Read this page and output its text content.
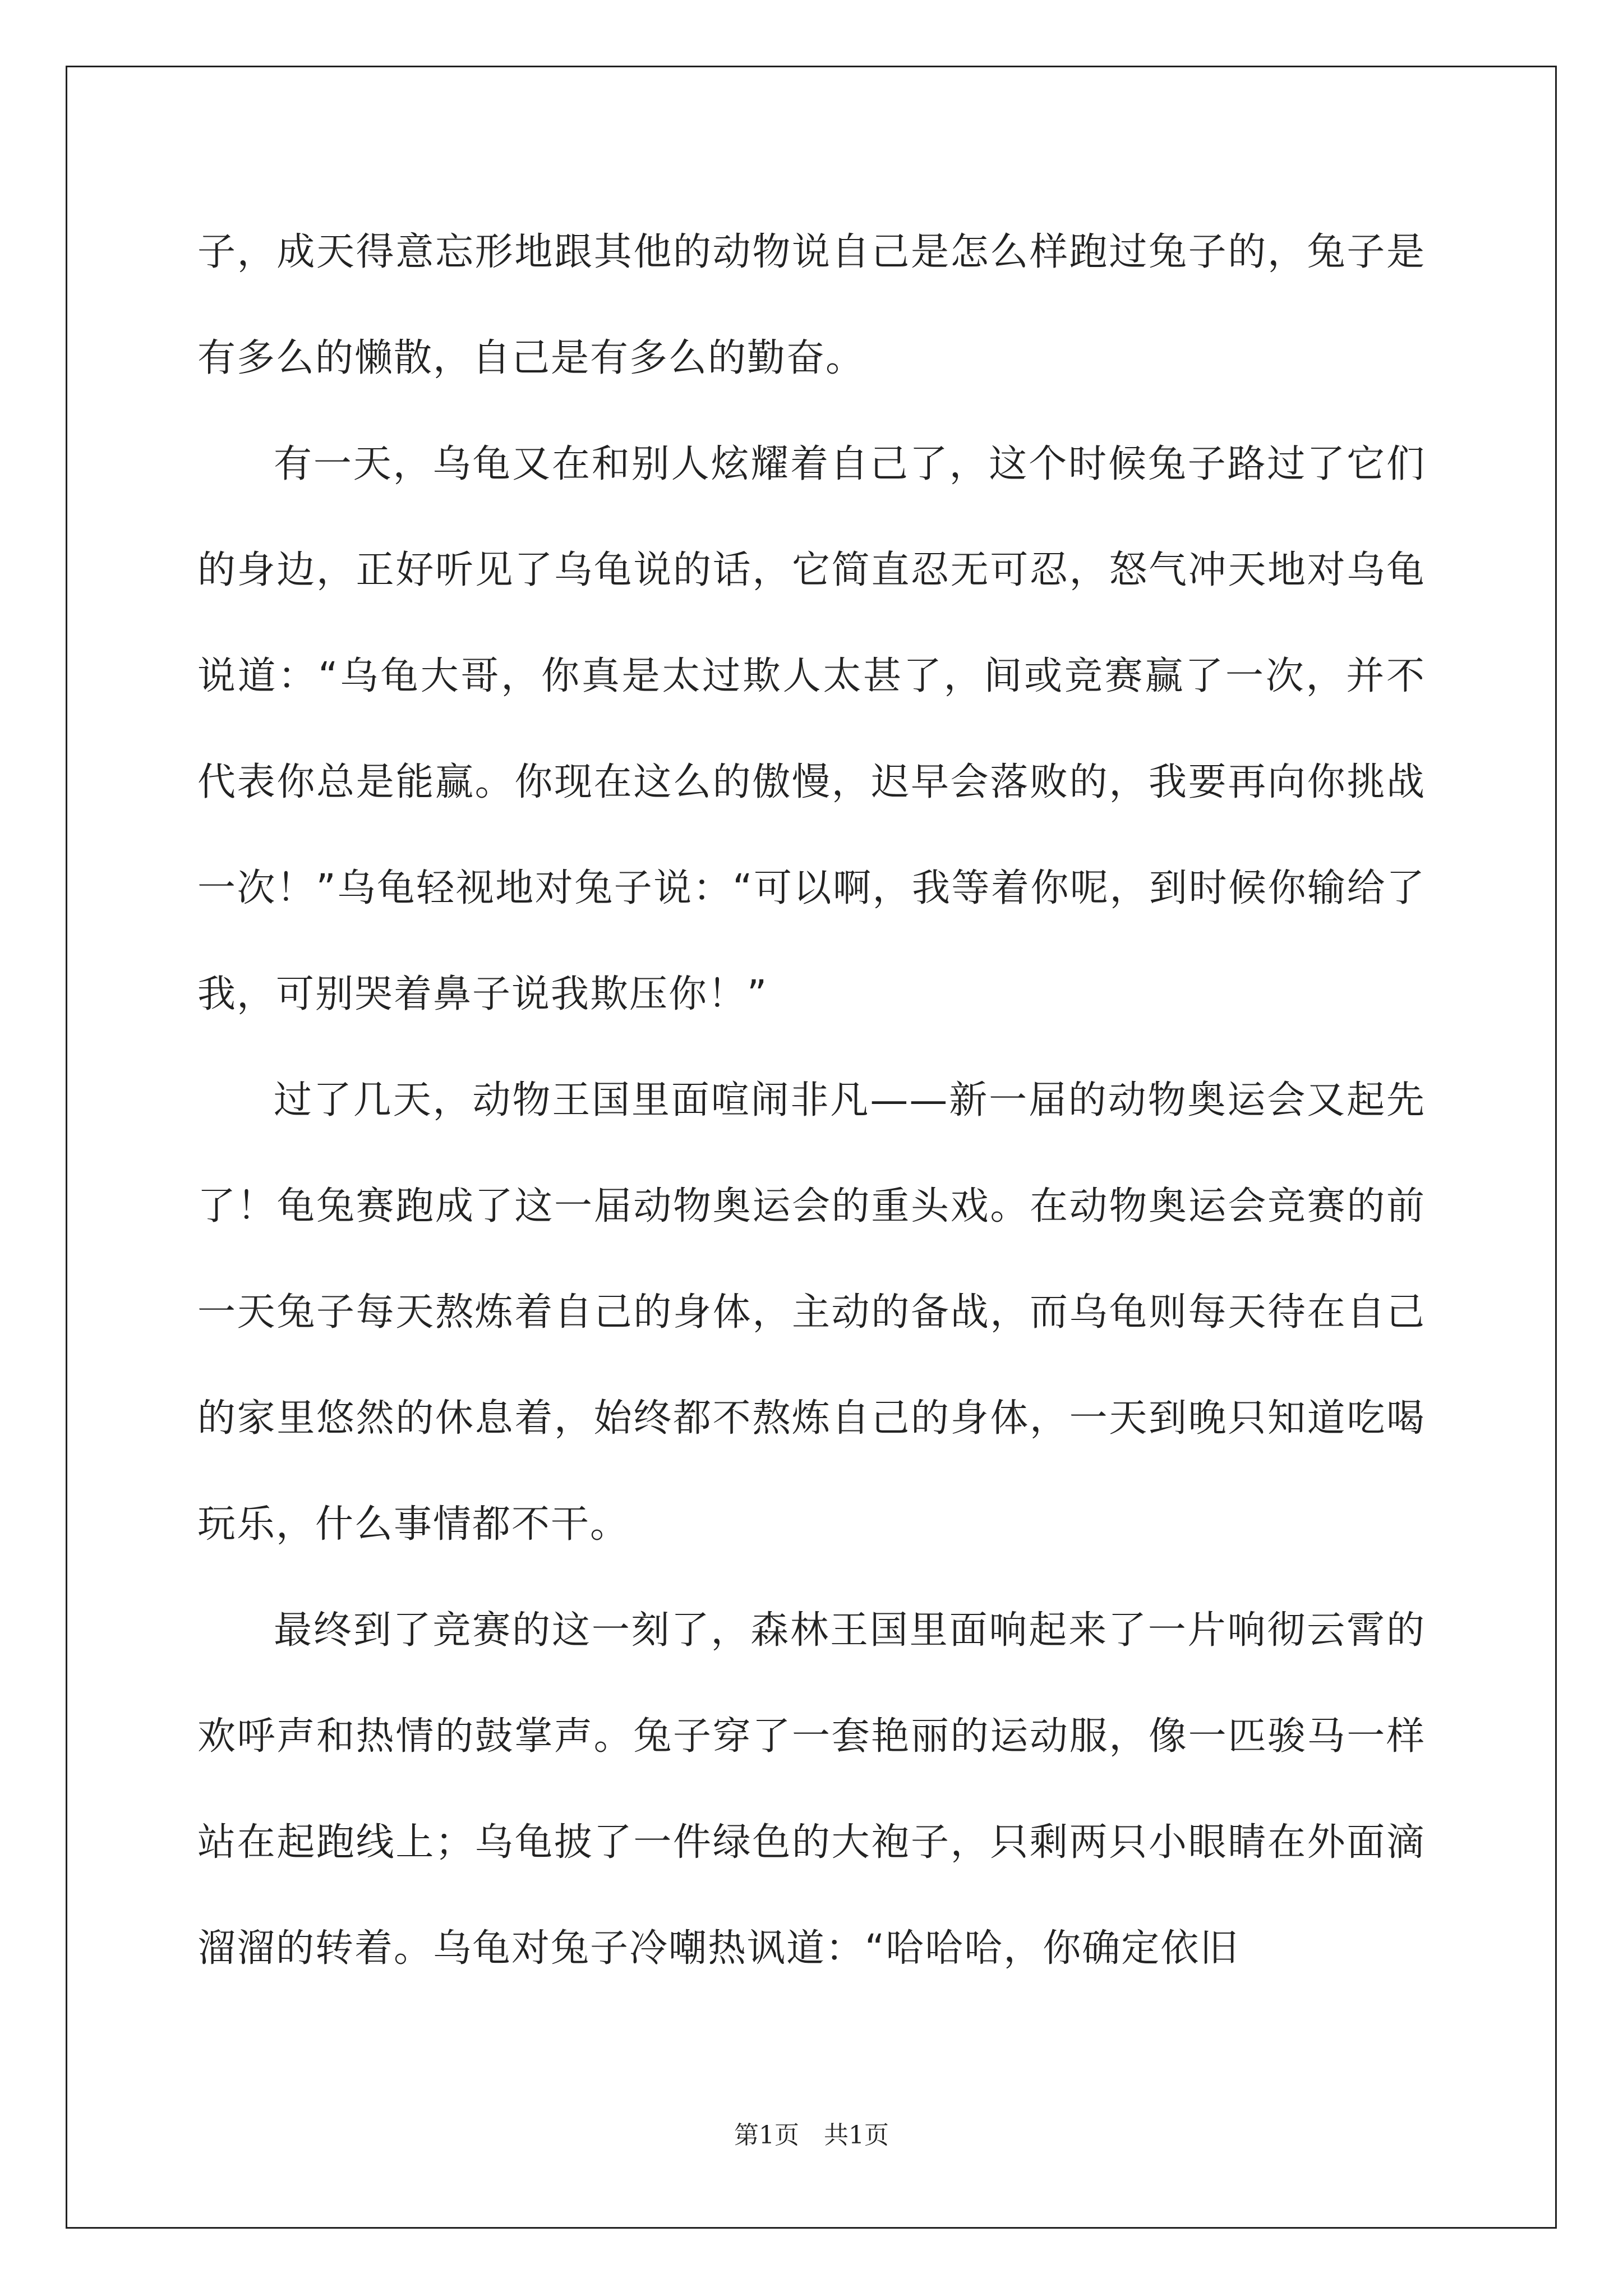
子，成天得意忘形地跟其他的动物说自己是怎么样跑过兔子的，兔子是有多么的懒散，自己是有多么的勤奋。

有一天，乌龟又在和别人炫耀着自己了，这个时候兔子路过了它们的身边，正好听见了乌龟说的话，它简直忍无可忍，怒气冲天地对乌龟说道：“乌龟大哥，你真是太过欺人太甚了，间或竞赛赢了一次，并不代表你总是能赢。你现在这么的傲慢，迟早会落败的，我要再向你挑战一次！”乌龟轻视地对兔子说：“可以啊，我等着你呢，到时候你输给了我，可别哭着鼻子说我欺压你！”

过了几天，动物王国里面喧闹非凡——新一届的动物奥运会又起先了！龟兔赛跑成了这一届动物奥运会的重头戏。在动物奥运会竞赛的前一天兔子每天熬炼着自己的身体，主动的备战，而乌龟则每天待在自己的家里悠然的休息着，始终都不熬炼自己的身体，一天到晚只知道吃喝玩乐，什么事情都不干。

最终到了竞赛的这一刻了，森林王国里面响起来了一片响彻云霄的欢呼声和热情的鼓掌声。兔子穿了一套艳丽的运动服，像一匹骏马一样站在起跑线上；乌龟披了一件绿色的大袍子，只剩两只小眼睛在外面滴溜溜的转着。乌龟对兔子冷嘲热讽道：“哈哈哈，你确定依旧

第1页　共1页
